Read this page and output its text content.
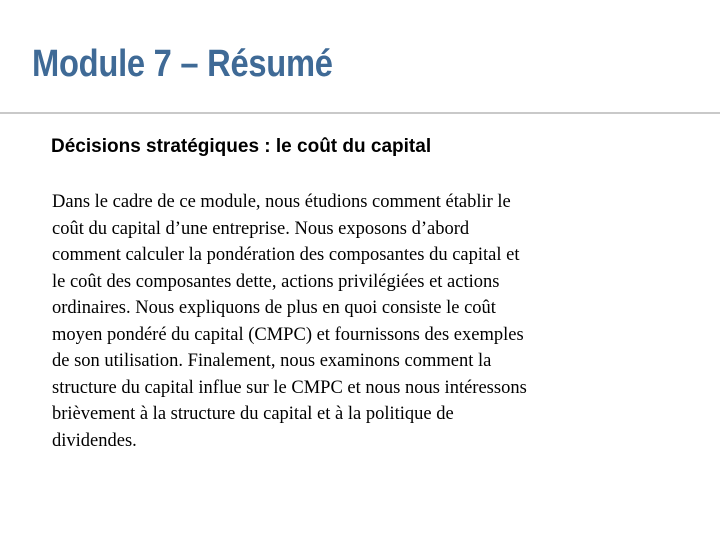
Module 7 – Résumé
Décisions stratégiques : le coût du capital
Dans le cadre de ce module, nous étudions comment établir le
coût du capital d’une entreprise. Nous exposons d’abord
comment calculer la pondération des composantes du capital et
le coût des composantes dette, actions privilégiées et actions
ordinaires. Nous expliquons de plus en quoi consiste le coût
moyen pondéré du capital (CMPC) et fournissons des exemples
de son utilisation. Finalement, nous examinons comment la
structure du capital influe sur le CMPC et nous nous intéressons
brièvement à la structure du capital et à la politique de
dividendes.
